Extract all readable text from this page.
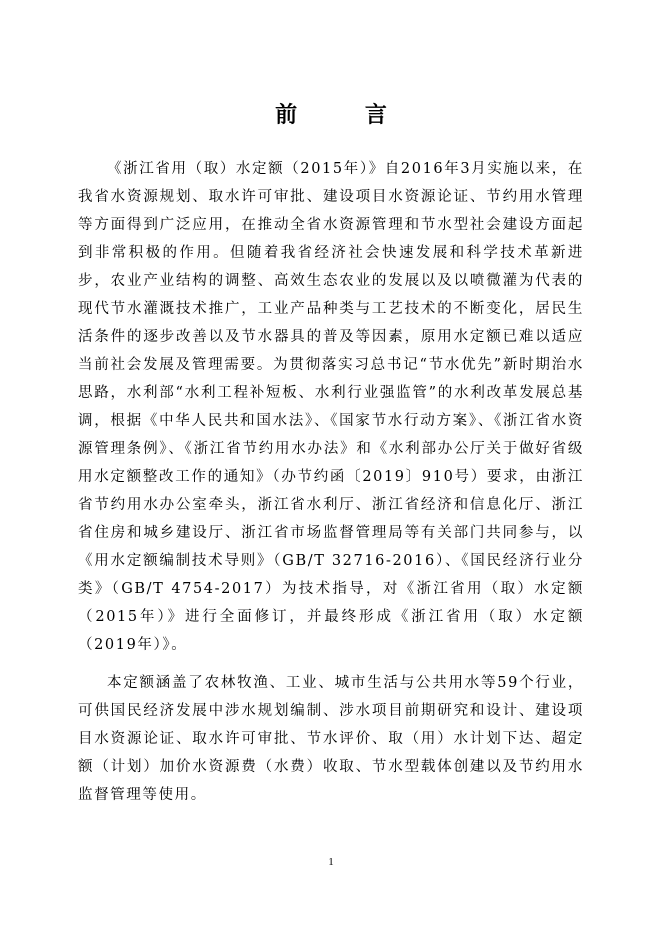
前 言

《浙江省用（取）水定额（2015年）》自2016年3月实施以来，在我省水资源规划、取水许可审批、建设项目水资源论证、节约用水管理等方面得到广泛应用，在推动全省水资源管理和节水型社会建设方面起到非常积极的作用。但随着我省经济社会快速发展和科学技术革新进步，农业产业结构的调整、高效生态农业的发展以及以喷微灌为代表的现代节水灌溉技术推广，工业产品种类与工艺技术的不断变化，居民生活条件的逐步改善以及节水器具的普及等因素，原用水定额已难以适应当前社会发展及管理需要。为贯彻落实习总书记“节水优先”新时期治水思路，水利部“水利工程补短板、水利行业强监管”的水利改革发展总基调，根据《中华人民共和国水法》、《国家节水行动方案》、《浙江省水资源管理条例》、《浙江省节约用水办法》和《水利部办公厅关于做好省级用水定额整改工作的通知》（办节约函〔2019〕910号）要求，由浙江省节约用水办公室牵头，浙江省水利厅、浙江省经济和信息化厅、浙江省住房和城乡建设厅、浙江省市场监督管理局等有关部门共同参与，以《用水定额编制技术导则》（GB/T 32716-2016）、《国民经济行业分类》（GB/T 4754-2017）为技术指导，对《浙江省用（取）水定额（2015年）》进行全面修订，并最终形成《浙江省用（取）水定额（2019年）》。

本定额涵盖了农林牧渔、工业、城市生活与公共用水等59个行业，可供国民经济发展中涉水规划编制、涉水项目前期研究和设计、建设项目水资源论证、取水许可审批、节水评价、取（用）水计划下达、超定额（计划）加价水资源费（水费）收取、节水型载体创建以及节约用水监督管理等使用。

1
